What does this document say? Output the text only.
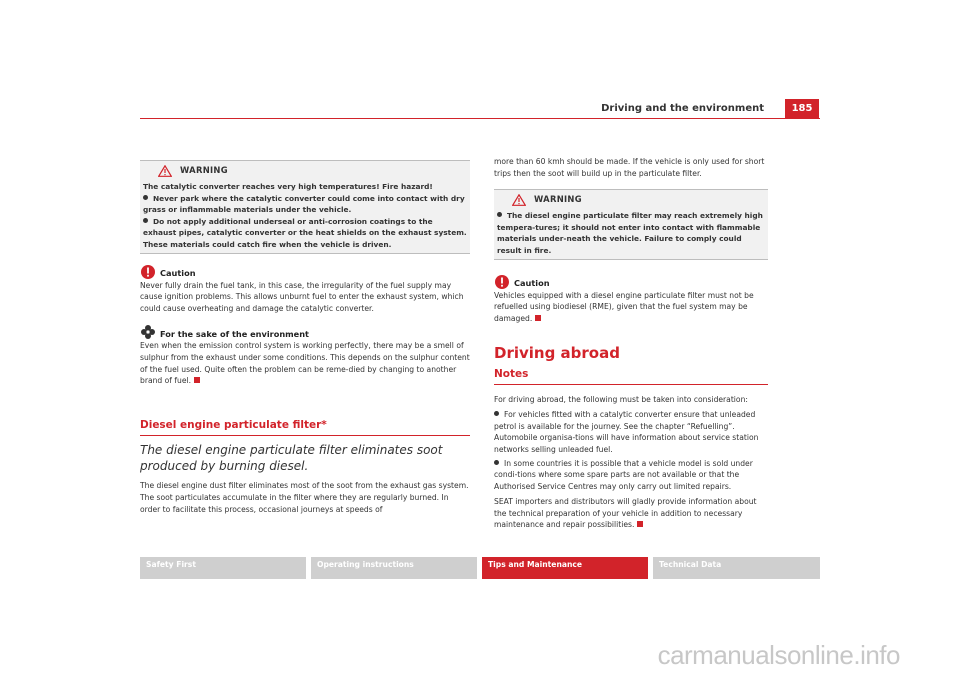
Driving and the environment	185
WARNING

The catalytic converter reaches very high temperatures! Fire hazard!

Never park where the catalytic converter could come into contact with dry grass or inflammable materials under the vehicle.

Do not apply additional underseal or anti-corrosion coatings to the exhaust pipes, catalytic converter or the heat shields on the exhaust system. These materials could catch fire when the vehicle is driven.

Caution

Never fully drain the fuel tank, in this case, the irregularity of the fuel supply may cause ignition problems. This allows unburnt fuel to enter the exhaust system, which could cause overheating and damage the catalytic converter.

For the sake of the environment

Even when the emission control system is working perfectly, there may be a smell of sulphur from the exhaust under some conditions. This depends on the sulphur content of the fuel used. Quite often the problem can be reme-died by changing to another brand of fuel.

Diesel engine particulate filter*
The diesel engine particulate filter eliminates soot produced by burning diesel.

The diesel engine dust filter eliminates most of the soot from the exhaust gas system. The soot particulates accumulate in the filter where they are regularly burned. In order to facilitate this process, occasional journeys at speeds of

more than 60 kmh should be made. If the vehicle is only used for short trips then the soot will build up in the particulate filter.

WARNING

The diesel engine particulate filter may reach extremely high tempera-tures; it should not enter into contact with flammable materials under-neath the vehicle. Failure to comply could result in fire.

Caution

Vehicles equipped with a diesel engine particulate filter must not be refuelled using biodiesel (RME), given that the fuel system may be damaged.

Driving abroad
Notes

For driving abroad, the following must be taken into consideration:

For vehicles fitted with a catalytic converter ensure that unleaded petrol is available for the journey. See the chapter “Refuelling”. Automobile organisa-tions will have information about service station networks selling unleaded fuel.

In some countries it is possible that a vehicle model is sold under condi-tions where some spare parts are not available or that the Authorised Service Centres may only carry out limited repairs.

SEAT importers and distributors will gladly provide information about the technical preparation of your vehicle in addition to necessary maintenance and repair possibilities.

Safety First	Operating instructions	Tips and Maintenance	Technical Data
carmanualsonline.info
